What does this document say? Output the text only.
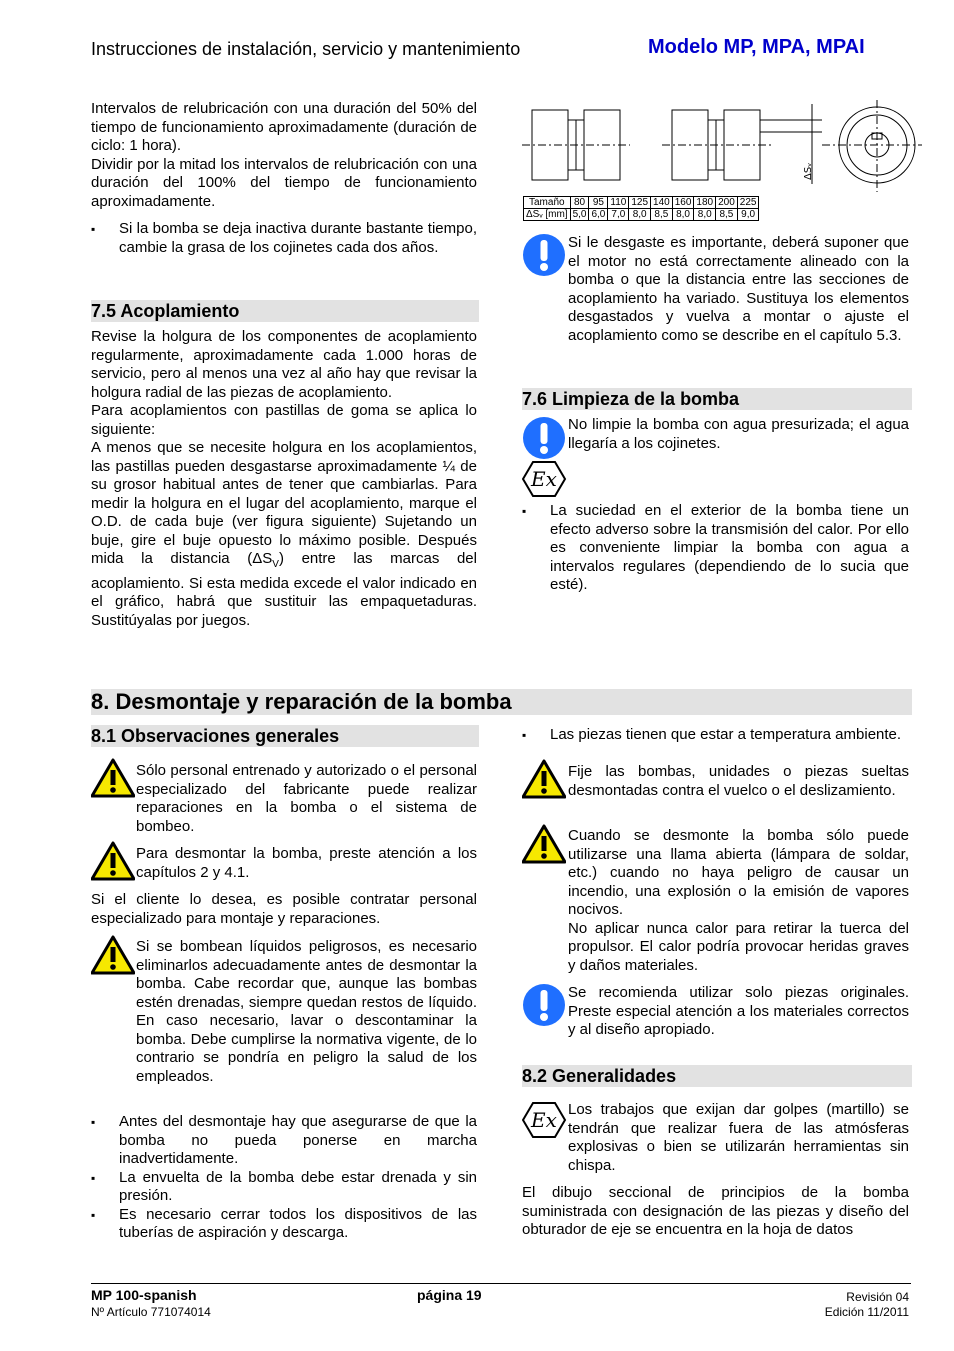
Instrucciones de instalación, servicio y mantenimiento	Modelo MP, MPA, MPAI

Intervalos de relubricación con una duración del 50% del tiempo de funcionamiento aproximadamente (duración de ciclo: 1 hora).

Dividir por la mitad los intervalos de relubricación con una duración del 100% del tiempo de funcionamiento aproximadamente.

▪ Si la bomba se deja inactiva durante bastante tiempo, cambie la grasa de los cojinetes cada dos años.
7.5 Acoplamiento

Revise la holgura de los componentes de acoplamiento regularmente, aproximadamente cada 1.000 horas de servicio, pero al menos una vez al año hay que revisar la holgura radial de las piezas de acoplamiento.

Para acoplamientos con pastillas de goma se aplica lo siguiente:

A menos que se necesite holgura en los acoplamientos, las pastillas pueden desgastarse aproximadamente ¼ de su grosor habitual antes de tener que cambiarlas. Para medir la holgura en el lugar del acoplamiento, marque el O.D. de cada buje (ver figura siguiente) Sujetando un buje, gire el buje opuesto lo máximo posible. Después mida la distancia $(\Delta S_V)$ entre las marcas del acoplamiento. Si esta medida excede el valor indicado en el gráfico, habrá que sustituir las empaquetaduras. Sustitúyalas por juegos.

ΔSᵥ
Tamaño	80	95	110	125	140	160	180	200	225
ΔSᵥ [mm]	5,0	6,0	7,0	8,0	8,5	8,0	8,0	8,5	9,0
Si le desgaste es importante, deberá suponer que el motor no está correctamente alineado con la bomba o que la distancia entre las secciones de acoplamiento ha variado. Sustituya los elementos desgastados y vuelva a montar o ajuste el acoplamiento como se describe en el capítulo 5.3.
7.6 Limpieza de la bomba
No limpie la bomba con agua presurizada; el agua llegaría a los cojinetes.
▪ La suciedad en el exterior de la bomba tiene un efecto adverso sobre la transmisión del calor. Por ello es conveniente limpiar la bomba con agua a intervalos regulares (dependiendo de lo sucia que esté).
8. Desmontaje y reparación de la bomba
8.1 Observaciones generales
Sólo personal entrenado y autorizado o el personal especializado del fabricante puede realizar reparaciones en la bomba o el sistema de bombeo.
Para desmontar la bomba, preste atención a los capítulos 2 y 4.1.
Si el cliente lo desea, es posible contratar personal especializado para montaje y reparaciones.
Si se bombean líquidos peligrosos, es necesario eliminarlos adecuadamente antes de desmontar la bomba. Cabe recordar que, aunque las bombas estén drenadas, siempre quedan restos de líquido. En caso necesario, lavar o descontaminar la bomba. Debe cumplirse la normativa vigente, de lo contrario se pondría en peligro la salud de los empleados.
▪ Antes del desmontaje hay que asegurarse de que la bomba no pueda ponerse en marcha inadvertidamente.
▪ La envuelta de la bomba debe estar drenada y sin presión.
▪ Es necesario cerrar todos los dispositivos de las tuberías de aspiración y descarga.
▪ Las piezas tienen que estar a temperatura ambiente.
Fije las bombas, unidades o piezas sueltas desmontadas contra el vuelco o el deslizamiento.
Cuando se desmonte la bomba sólo puede utilizarse una llama abierta (lámpara de soldar, etc.) cuando no haya peligro de causar un incendio, una explosión o la emisión de vapores nocivos.
No aplicar nunca calor para retirar la tuerca del propulsor. El calor podría provocar heridas graves y daños materiales.
Se recomienda utilizar solo piezas originales. Preste especial atención a los materiales correctos y al diseño apropiado.
8.2 Generalidades
Los trabajos que exijan dar golpes (martillo) se tendrán que realizar fuera de las atmósferas explosivas o bien se utilizarán herramientas sin chispa.
El dibujo seccional de principios de la bomba suministrada con designación de las piezas y diseño del obturador de eje se encuentra en la hoja de datos
MP 100-spanish
Nº Artículo 771074014
página 19	Revisión 04
Edición 11/2011
